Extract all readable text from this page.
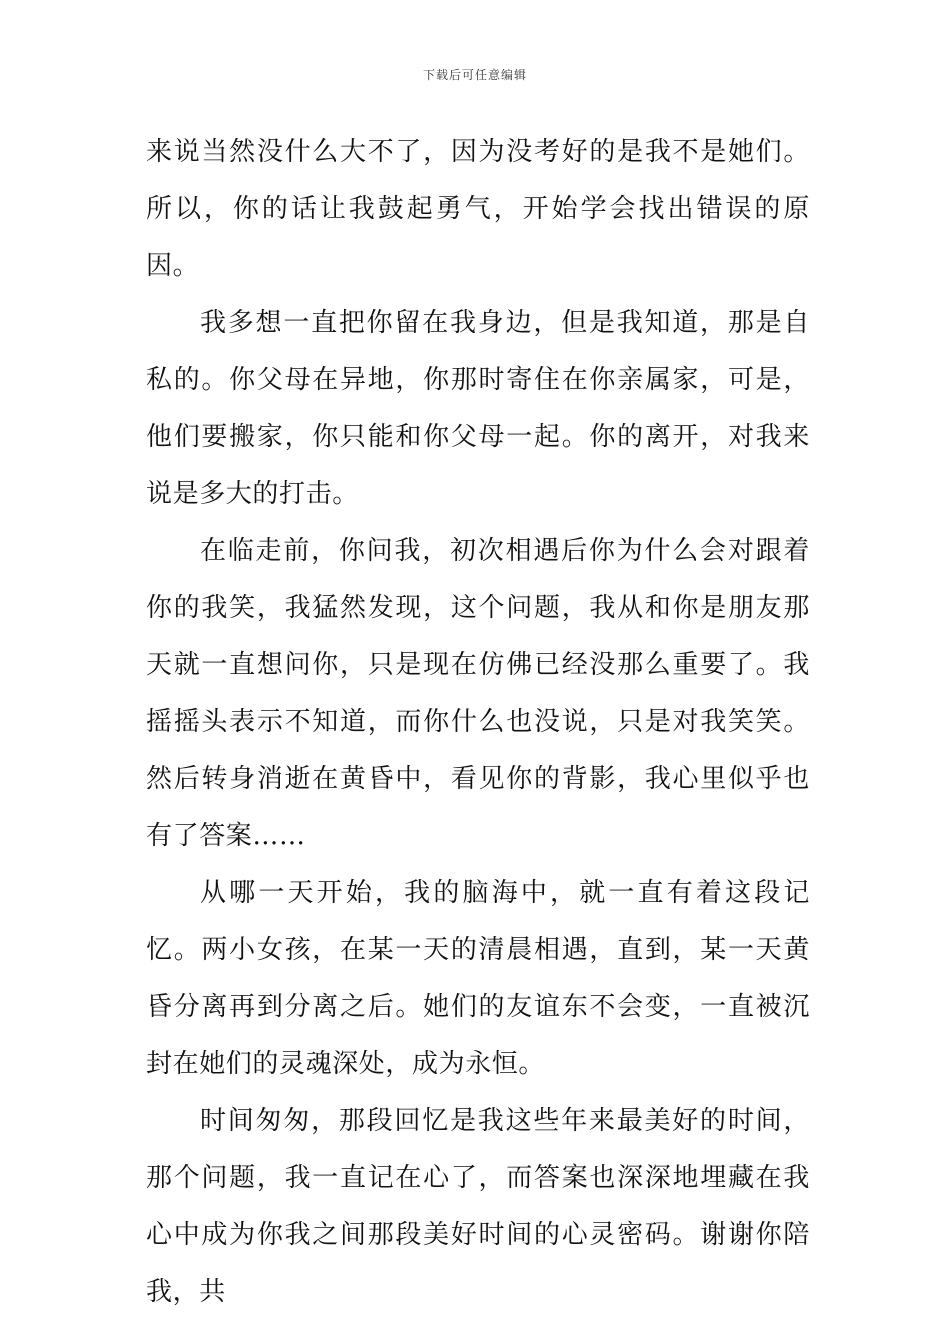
下载后可任意编辑

来说当然没什么大不了，因为没考好的是我不是她们。所以，你的话让我鼓起勇气，开始学会找出错误的原因。

我多想一直把你留在我身边，但是我知道，那是自私的。你父母在异地，你那时寄住在你亲属家，可是，他们要搬家，你只能和你父母一起。你的离开，对我来说是多大的打击。

在临走前，你问我，初次相遇后你为什么会对跟着你的我笑，我猛然发现，这个问题，我从和你是朋友那天就一直想问你，只是现在仿佛已经没那么重要了。我摇摇头表示不知道，而你什么也没说，只是对我笑笑。然后转身消逝在黄昏中，看见你的背影，我心里似乎也有了答案……

从哪一天开始，我的脑海中，就一直有着这段记忆。两小女孩，在某一天的清晨相遇，直到，某一天黄昏分离再到分离之后。她们的友谊东不会变，一直被沉封在她们的灵魂深处，成为永恒。

时间匆匆，那段回忆是我这些年来最美好的时间，那个问题，我一直记在心了，而答案也深深地埋藏在我心中成为你我之间那段美好时间的心灵密码。谢谢你陪我，共
